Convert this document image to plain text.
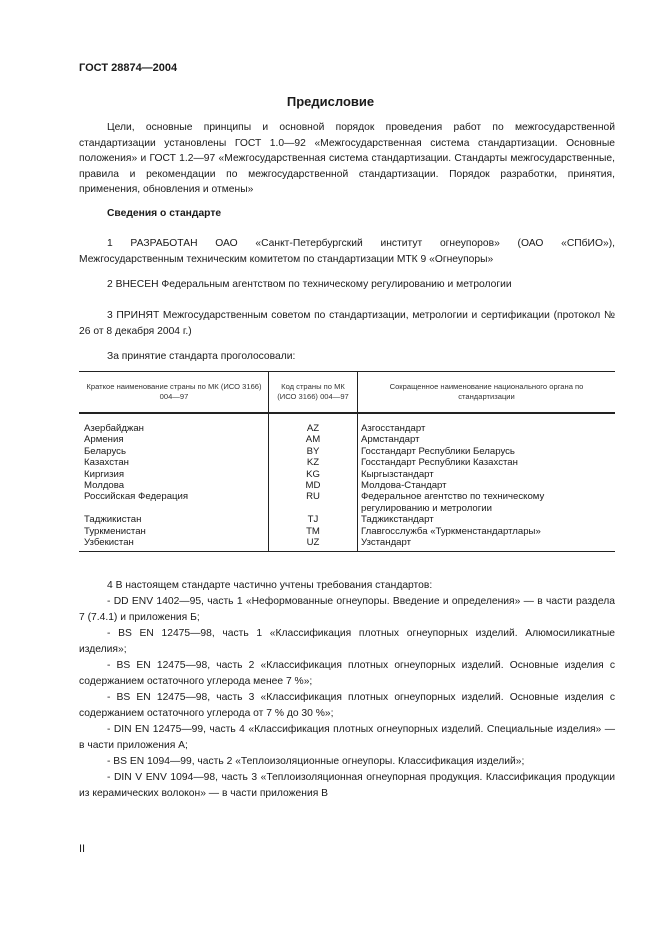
ГОСТ 28874—2004
Предисловие
Цели, основные принципы и основной порядок проведения работ по межгосударственной стандартизации установлены ГОСТ 1.0—92 «Межгосударственная система стандартизации. Основные положения» и ГОСТ 1.2—97 «Межгосударственная система стандартизации. Стандарты межгосударственные, правила и рекомендации по межгосударственной стандартизации. Порядок разработки, принятия, применения, обновления и отмены»
Сведения о стандарте
1 РАЗРАБОТАН ОАО «Санкт-Петербургский институт огнеупоров» (ОАО «СПбИО»), Межгосударственным техническим комитетом по стандартизации МТК 9 «Огнеупоры»
2 ВНЕСЕН Федеральным агентством по техническому регулированию и метрологии
3 ПРИНЯТ Межгосударственным советом по стандартизации, метрологии и сертификации (протокол № 26 от 8 декабря 2004 г.)
За принятие стандарта проголосовали:
Краткое наименование страны по МК (ИСО 3166) 004—97	Код страны по МК (ИСО 3166) 004—97	Сокращенное наименование национального органа по стандартизации
Азербайджан	AZ	Азгосстандарт
Армения	AM	Армстандарт
Беларусь	BY	Госстандарт Республики Беларусь
Казахстан	KZ	Госстандарт Республики Казахстан
Киргизия	KG	Кыргызстандарт
Молдова	MD	Молдова-Стандарт
Российская Федерация	RU	Федеральное агентство по техническому регулированию и метрологии
Таджикистан	TJ	Таджикстандарт
Туркменистан	TM	Главгосслужба «Туркменстандартлары»
Узбекистан	UZ	Узстандарт
4 В настоящем стандарте частично учтены требования стандартов:
- DD ENV 1402—95, часть 1 «Неформованные огнеупоры. Введение и определения» — в части раздела 7 (7.4.1) и приложения Б;
- BS EN 12475—98, часть 1 «Классификация плотных огнеупорных изделий. Алюмосиликатные изделия»;
- BS EN 12475—98, часть 2 «Классификация плотных огнеупорных изделий. Основные изделия с содержанием остаточного углерода менее 7 %»;
- BS EN 12475—98, часть 3 «Классификация плотных огнеупорных изделий. Основные изделия с содержанием остаточного углерода от 7 % до 30 %»;
- DIN EN 12475—99, часть 4 «Классификация плотных огнеупорных изделий. Специальные изделия» — в части приложения А;
- BS EN 1094—99, часть 2 «Теплоизоляционные огнеупоры. Классификация изделий»;
- DIN V ENV 1094—98, часть 3 «Теплоизоляционная огнеупорная продукция. Классификация продукции из керамических волокон» — в части приложения В
II
